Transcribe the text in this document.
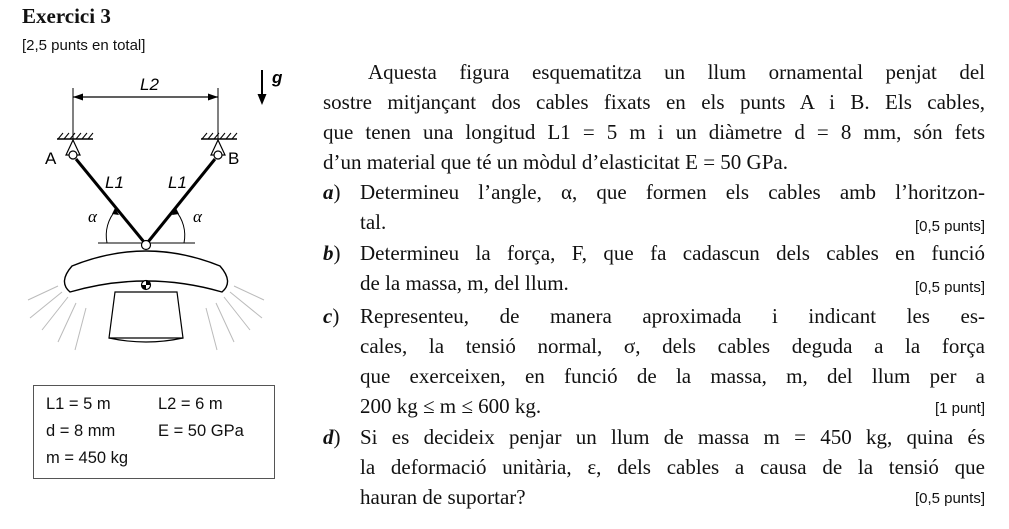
Exercici 3
[2,5 punts en total]
L2	g
A	B
L1	L1
α	α
L1 = 5 m	L2 = 6 m
d = 8 mm	E = 50 GPa
m = 450 kg
Aquesta figura esquematitza un llum ornamental penjat del
sostre mitjançant dos cables fixats en els punts A i B. Els cables,
que tenen una longitud L1 = 5 m i un diàmetre d = 8 mm, són fets
d’un material que té un mòdul d’elasticitat E = 50 GPa.
a) Determineu l’angle, α, que formen els cables amb l’horitzon-
tal.	[0,5 punts]
b) Determineu la força, F, que fa cadascun dels cables en funció
de la massa, m, del llum.	[0,5 punts]
c) Representeu, de manera aproximada i indicant les es-
cales, la tensió normal, σ, dels cables deguda a la força
que exerceixen, en funció de la massa, m, del llum per a
200 kg ≤ m ≤ 600 kg.	[1 punt]
d) Si es decideix penjar un llum de massa m = 450 kg, quina és
la deformació unitària, ε, dels cables a causa de la tensió que
hauran de suportar?	[0,5 punts]
